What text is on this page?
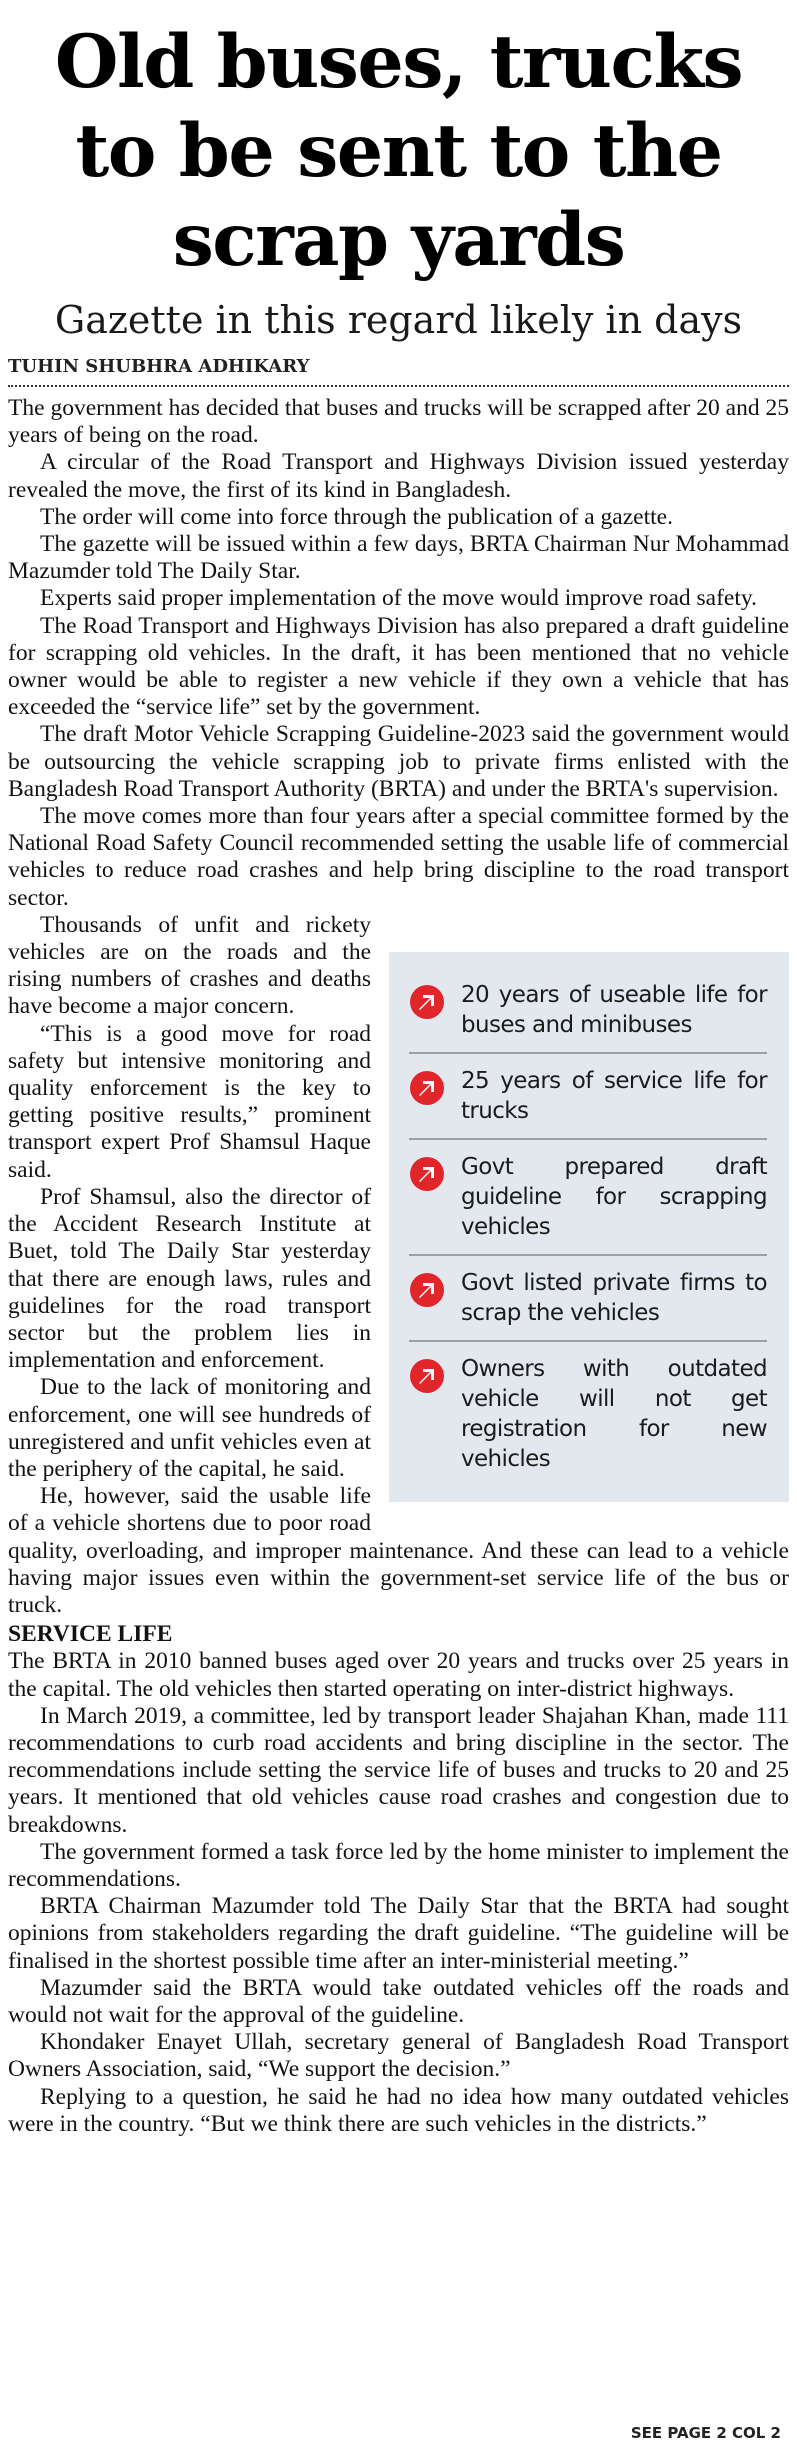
Old buses, trucks
to be sent to the
scrap yards
Gazette in this regard likely in days
TUHIN SHUBHRA ADHIKARY

The government has decided that buses and trucks will be scrapped after 20 and 25 years of being on the road.

A circular of the Road Transport and Highways Division issued yesterday revealed the move, the first of its kind in Bangladesh.

The order will come into force through the publication of a gazette.

The gazette will be issued within a few days, BRTA Chairman Nur Mohammad Mazumder told The Daily Star.

Experts said proper implementation of the move would improve road safety.

The Road Transport and Highways Division has also prepared a draft guideline for scrapping old vehicles. In the draft, it has been mentioned that no vehicle owner would be able to register a new vehicle if they own a vehicle that has exceeded the “service life” set by the government.

The draft Motor Vehicle Scrapping Guideline-2023 said the government would be outsourcing the vehicle scrapping job to private firms enlisted with the Bangladesh Road Transport Authority (BRTA) and under the BRTA's supervision.

The move comes more than four years after a special committee formed by the National Road Safety Council recommended setting the usable life of commercial vehicles to reduce road crashes and help bring discipline to the road transport sector.

20 years of useable life for buses and minibuses
25 years of service life for trucks
Govt prepared draft guideline for scrapping vehicles
Govt listed private firms to scrap the vehicles
Owners with outdated vehicle will not get registration for new vehicles

Thousands of unfit and rickety vehicles are on the roads and the rising numbers of crashes and deaths have become a major concern.

“This is a good move for road safety but intensive monitoring and quality enforcement is the key to getting positive results,” prominent transport expert Prof Shamsul Haque said.

Prof Shamsul, also the director of the Accident Research Institute at Buet, told The Daily Star yesterday that there are enough laws, rules and guidelines for the road transport sector but the problem lies in implementation and enforcement.

Due to the lack of monitoring and enforcement, one will see hundreds of unregistered and unfit vehicles even at the periphery of the capital, he said.

He, however, said the usable life of a vehicle shortens due to poor road quality, overloading, and improper maintenance. And these can lead to a vehicle having major issues even within the government-set service life of the bus or truck.

SERVICE LIFE

The BRTA in 2010 banned buses aged over 20 years and trucks over 25 years in the capital. The old vehicles then started operating on inter-district highways.

In March 2019, a committee, led by transport leader Shajahan Khan, made 111 recommendations to curb road accidents and bring discipline in the sector. The recommendations include setting the service life of buses and trucks to 20 and 25 years. It mentioned that old vehicles cause road crashes and congestion due to breakdowns.

The government formed a task force led by the home minister to implement the recommendations.

BRTA Chairman Mazumder told The Daily Star that the BRTA had sought opinions from stakeholders regarding the draft guideline. “The guideline will be finalised in the shortest possible time after an inter-ministerial meeting.”

Mazumder said the BRTA would take outdated vehicles off the roads and would not wait for the approval of the guideline.

Khondaker Enayet Ullah, secretary general of Bangladesh Road Transport Owners Association, said, “We support the decision.”

Replying to a question, he said he had no idea how many outdated vehicles were in the country. “But we think there are such vehicles in the districts.”

SEE PAGE 2 COL 2
